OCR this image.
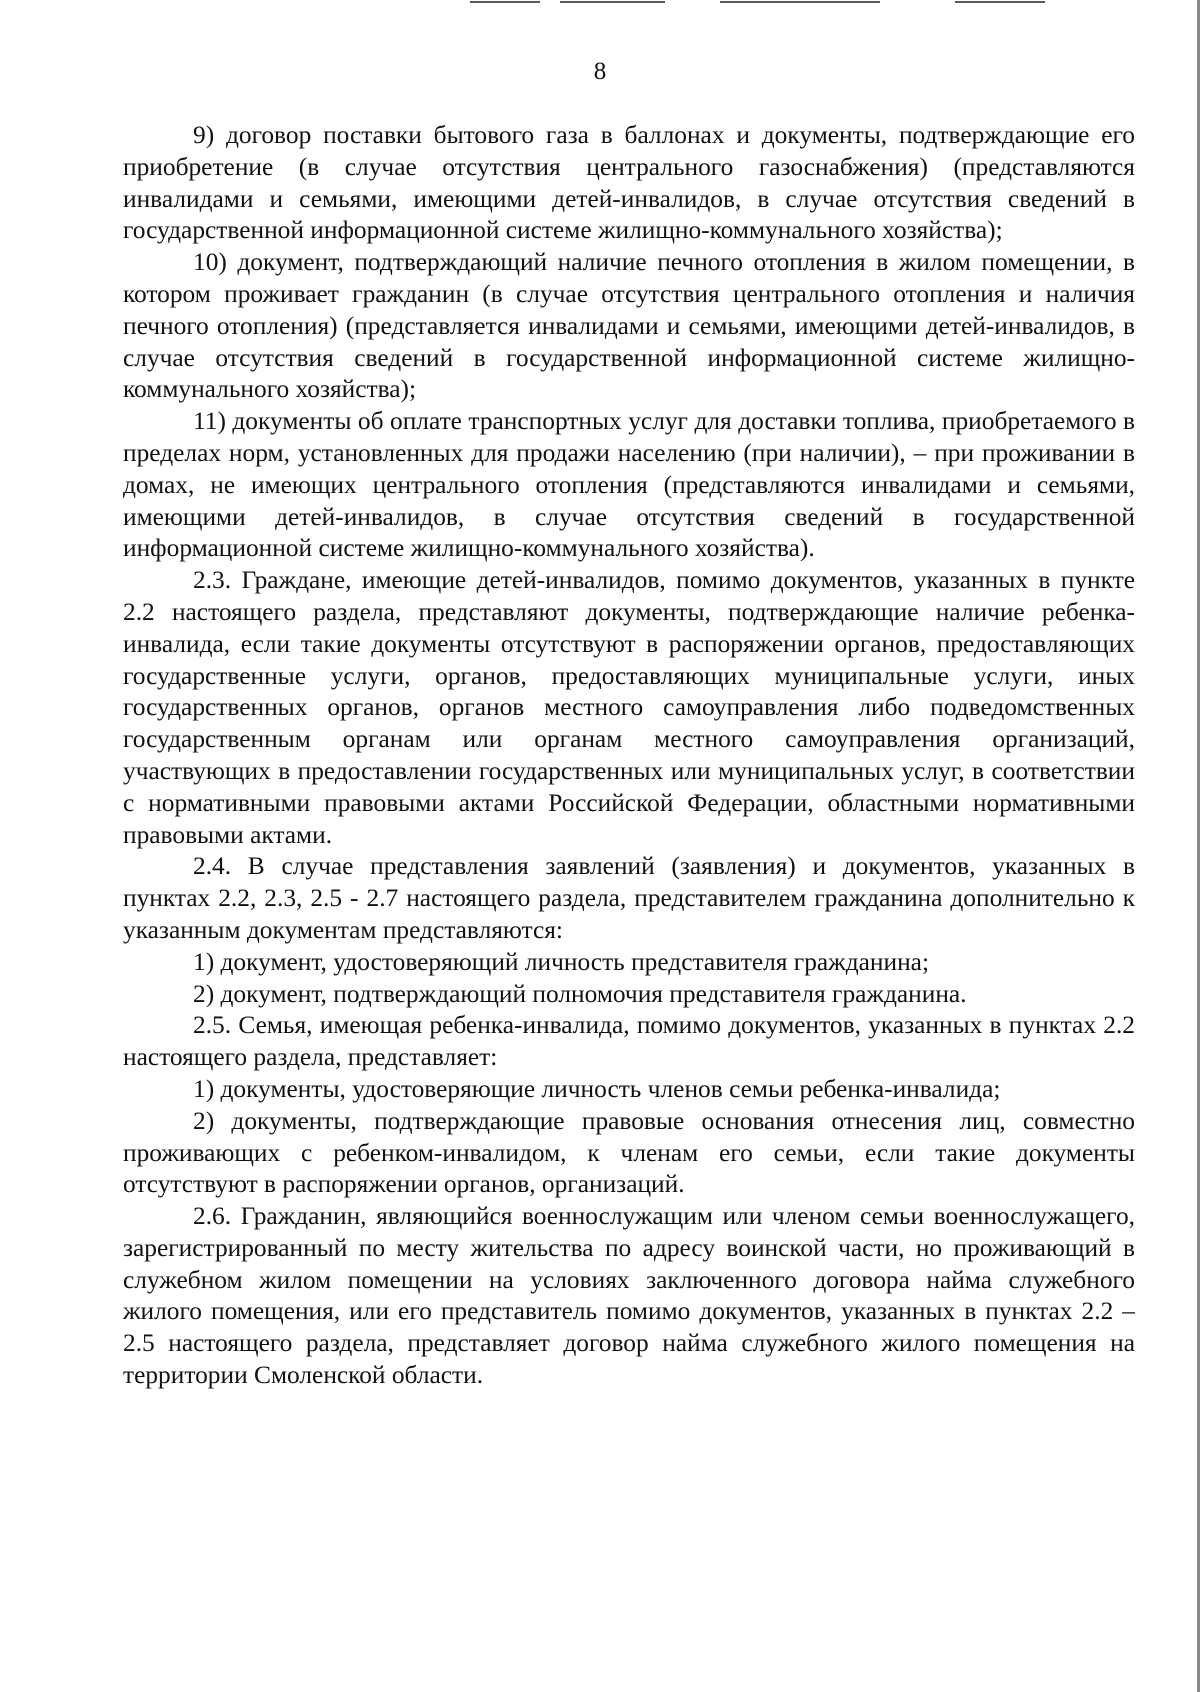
8

9) договор поставки бытового газа в баллонах и документы, подтверждающие его приобретение (в случае отсутствия центрального газоснабжения) (представляются инвалидами и семьями, имеющими детей-инвалидов, в случае отсутствия сведений в государственной информационной системе жилищно-коммунального хозяйства);

10) документ, подтверждающий наличие печного отопления в жилом помещении, в котором проживает гражданин (в случае отсутствия центрального отопления и наличия печного отопления) (представляется инвалидами и семьями, имеющими детей-инвалидов, в случае отсутствия сведений в государственной информационной системе жилищно-коммунального хозяйства);

11) документы об оплате транспортных услуг для доставки топлива, приобретаемого в пределах норм, установленных для продажи населению (при наличии), – при проживании в домах, не имеющих центрального отопления (представляются инвалидами и семьями, имеющими детей-инвалидов, в случае отсутствия сведений в государственной информационной системе жилищно-коммунального хозяйства).

2.3. Граждане, имеющие детей-инвалидов, помимо документов, указанных в пункте 2.2 настоящего раздела, представляют документы, подтверждающие наличие ребенка-инвалида, если такие документы отсутствуют в распоряжении органов, предоставляющих государственные услуги, органов, предоставляющих муниципальные услуги, иных государственных органов, органов местного самоуправления либо подведомственных государственным органам или органам местного самоуправления организаций, участвующих в предоставлении государственных или муниципальных услуг, в соответствии с нормативными правовыми актами Российской Федерации, областными нормативными правовыми актами.

2.4. В случае представления заявлений (заявления) и документов, указанных в пунктах 2.2, 2.3, 2.5 - 2.7 настоящего раздела, представителем гражданина дополнительно к указанным документам представляются:

1) документ, удостоверяющий личность представителя гражданина;

2) документ, подтверждающий полномочия представителя гражданина.

2.5. Семья, имеющая ребенка-инвалида, помимо документов, указанных в пунктах 2.2 настоящего раздела, представляет:

1) документы, удостоверяющие личность членов семьи ребенка-инвалида;

2) документы, подтверждающие правовые основания отнесения лиц, совместно проживающих с ребенком-инвалидом, к членам его семьи, если такие документы отсутствуют в распоряжении органов, организаций.

2.6. Гражданин, являющийся военнослужащим или членом семьи военнослужащего, зарегистрированный по месту жительства по адресу воинской части, но проживающий в служебном жилом помещении на условиях заключенного договора найма служебного жилого помещения, или его представитель помимо документов, указанных в пунктах 2.2 – 2.5 настоящего раздела, представляет договор найма служебного жилого помещения на территории Смоленской области.
